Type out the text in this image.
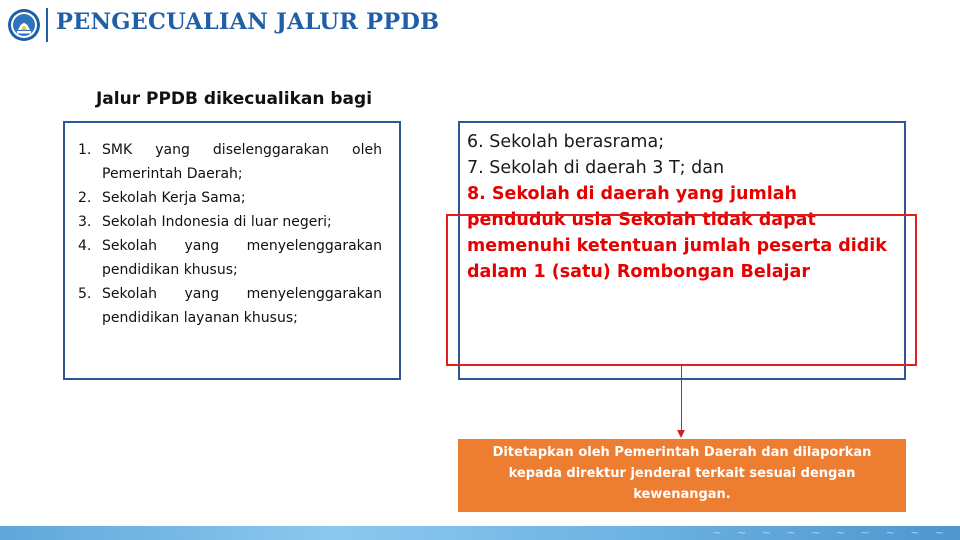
PENGECUALIAN JALUR PPDB
Jalur PPDB dikecualikan bagi
1. SMK yang diselenggarakan oleh Pemerintah Daerah;
2. Sekolah Kerja Sama;
3. Sekolah Indonesia di luar negeri;
4. Sekolah yang menyelenggarakan pendidikan khusus;
5. Sekolah yang menyelenggarakan pendidikan layanan khusus;
6. Sekolah berasrama;
7. Sekolah di daerah 3 T; dan
8. Sekolah di daerah yang jumlah penduduk usia Sekolah tidak dapat memenuhi ketentuan jumlah peserta didik dalam 1 (satu) Rombongan Belajar
Ditetapkan oleh Pemerintah Daerah dan dilaporkan kepada direktur jenderal terkait sesuai dengan kewenangan.
~ ~ ~ ~ ~ ~ ~ ~ ~ ~
